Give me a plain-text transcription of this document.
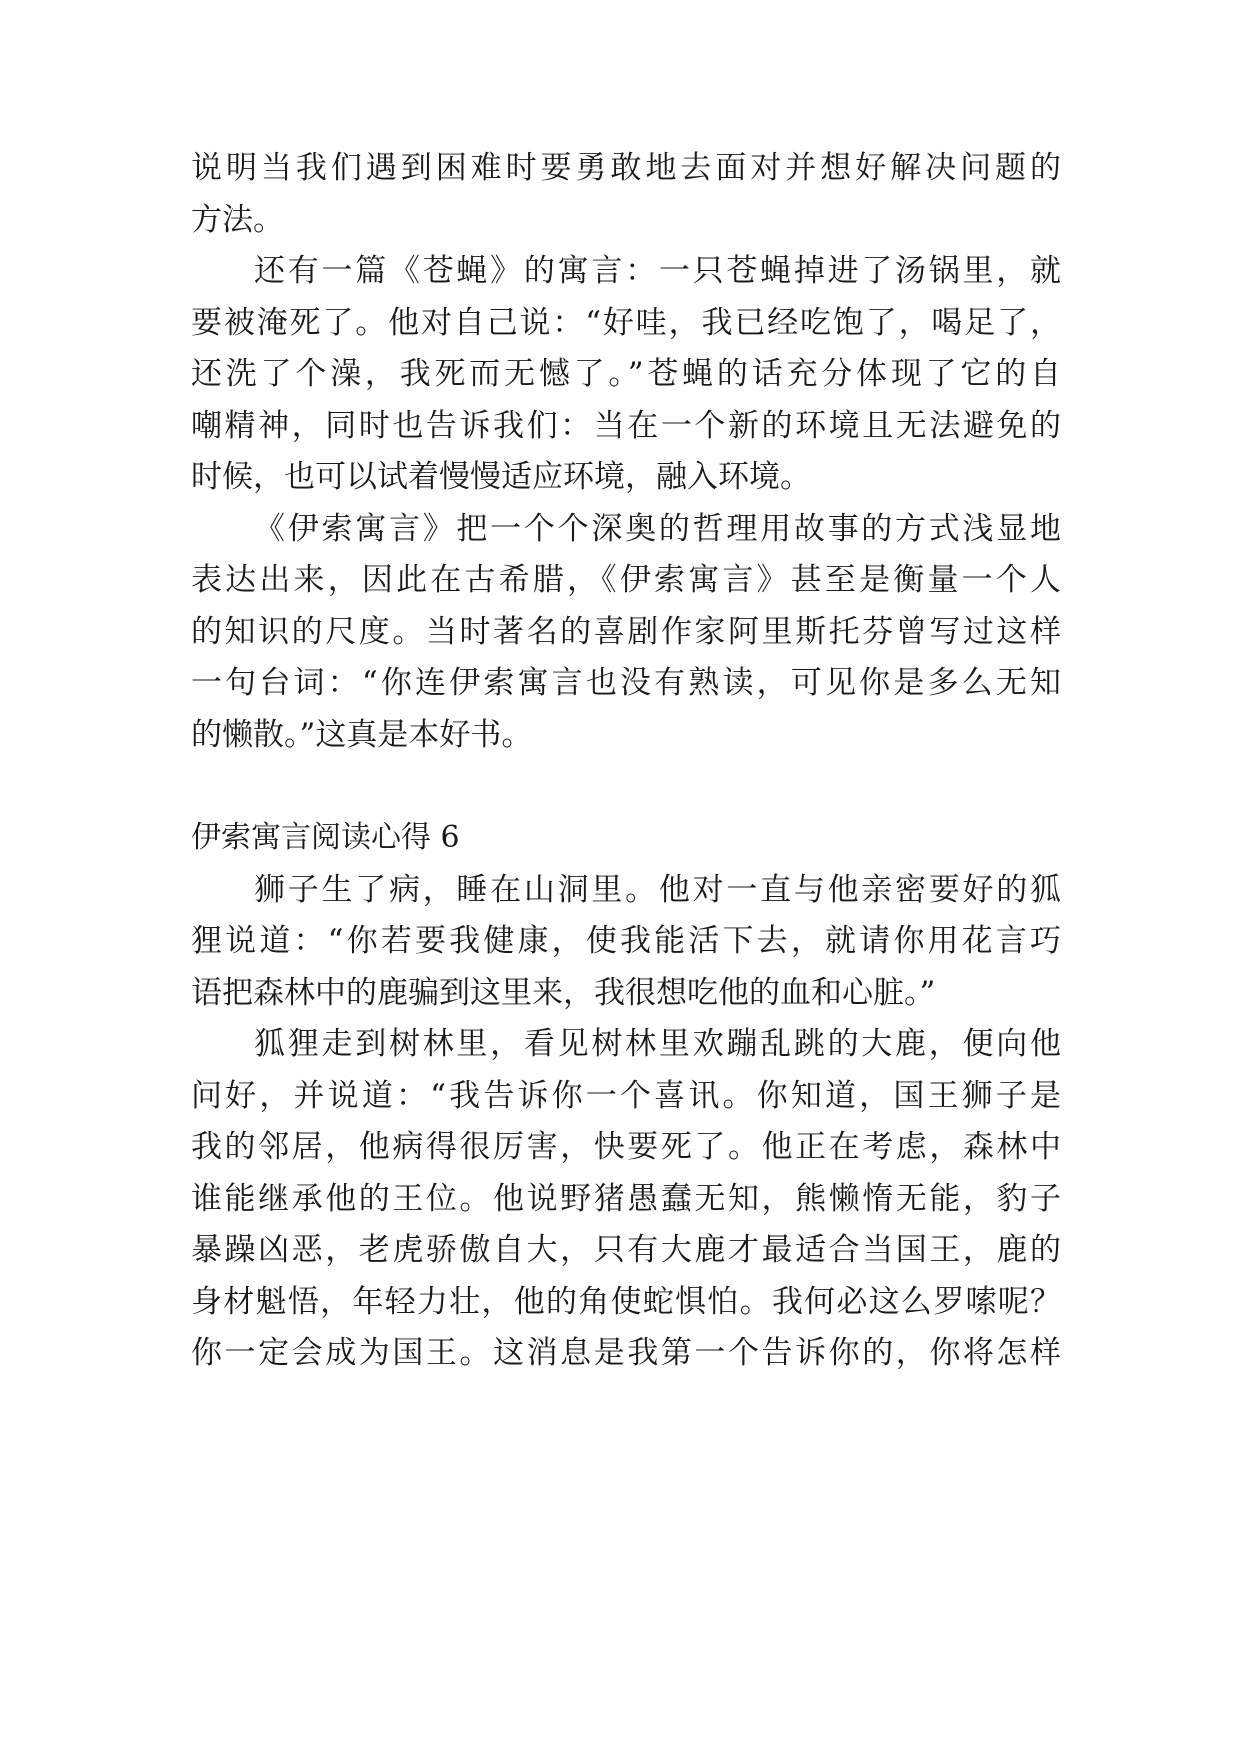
说明当我们遇到困难时要勇敢地去面对并想好解决问题的
方法。
还有一篇《苍蝇》的寓言：一只苍蝇掉进了汤锅里，就
要被淹死了。他对自己说：“好哇，我已经吃饱了，喝足了，
还洗了个澡，我死而无憾了。”苍蝇的话充分体现了它的自
嘲精神，同时也告诉我们：当在一个新的环境且无法避免的
时候，也可以试着慢慢适应环境，融入环境。
《伊索寓言》把一个个深奥的哲理用故事的方式浅显地
表达出来，因此在古希腊，《伊索寓言》甚至是衡量一个人
的知识的尺度。当时著名的喜剧作家阿里斯托芬曾写过这样
一句台词：“你连伊索寓言也没有熟读，可见你是多么无知
的懒散。”这真是本好书。
伊索寓言阅读心得 6
狮子生了病，睡在山洞里。他对一直与他亲密要好的狐
狸说道：“你若要我健康，使我能活下去，就请你用花言巧
语把森林中的鹿骗到这里来，我很想吃他的血和心脏。”
狐狸走到树林里，看见树林里欢蹦乱跳的大鹿，便向他
问好，并说道：“我告诉你一个喜讯。你知道，国王狮子是
我的邻居，他病得很厉害，快要死了。他正在考虑，森林中
谁能继承他的王位。他说野猪愚蠢无知，熊懒惰无能，豹子
暴躁凶恶，老虎骄傲自大，只有大鹿才最适合当国王，鹿的
身材魁悟，年轻力壮，他的角使蛇惧怕。我何必这么罗嗦呢？
你一定会成为国王。这消息是我第一个告诉你的，你将怎样
